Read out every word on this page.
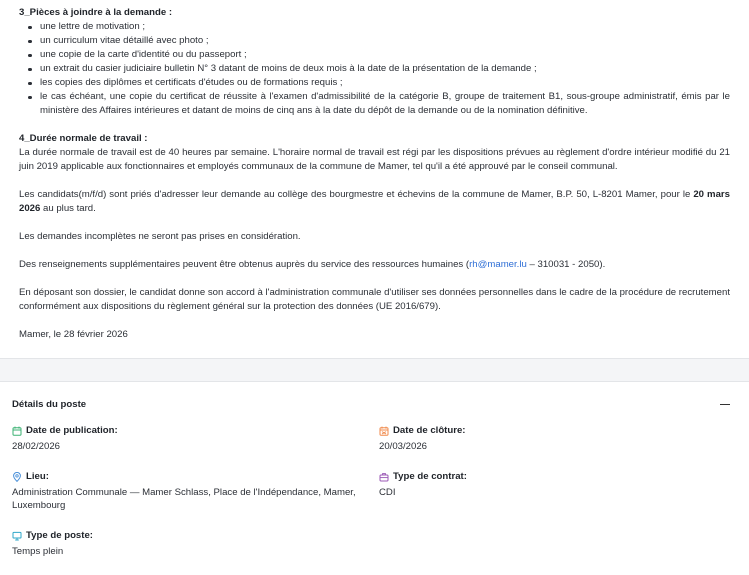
3_Pièces à joindre à la demande :
une lettre de motivation ;
un curriculum vitae détaillé avec photo ;
une copie de la carte d'identité ou du passeport ;
un extrait du casier judiciaire bulletin N° 3 datant de moins de deux mois à la date de la présentation de la demande ;
les copies des diplômes et certificats d'études ou de formations requis ;
le cas échéant, une copie du certificat de réussite à l'examen d'admissibilité de la catégorie B, groupe de traitement B1, sous-groupe administratif, émis par le ministère des Affaires intérieures et datant de moins de cinq ans à la date du dépôt de la demande ou de la nomination définitive.
4_Durée normale de travail :

La durée normale de travail est de 40 heures par semaine. L'horaire normal de travail est régi par les dispositions prévues au règlement d'ordre intérieur modifié du 21 juin 2019 applicable aux fonctionnaires et employés communaux de la commune de Mamer, tel qu'il a été approuvé par le conseil communal.

Les candidats(m/f/d) sont priés d'adresser leur demande au collège des bourgmestre et échevins de la commune de Mamer, B.P. 50, L-8201 Mamer, pour le 20 mars 2026 au plus tard.

Les demandes incomplètes ne seront pas prises en considération.

Des renseignements supplémentaires peuvent être obtenus auprès du service des ressources humaines (rh@mamer.lu – 310031 - 2050).

En déposant son dossier, le candidat donne son accord à l'administration communale d'utiliser ses données personnelles dans le cadre de la procédure de recrutement conformément aux dispositions du règlement général sur la protection des données (UE 2016/679).

Mamer, le 28 février 2026

Détails du poste
Date de publication:
28/02/2026
Date de clôture:
20/03/2026
Lieu:
Administration Communale — Mamer Schlass, Place de l'Indépendance, Mamer, Luxembourg
Type de contrat:
CDI
Type de poste:
Temps plein
